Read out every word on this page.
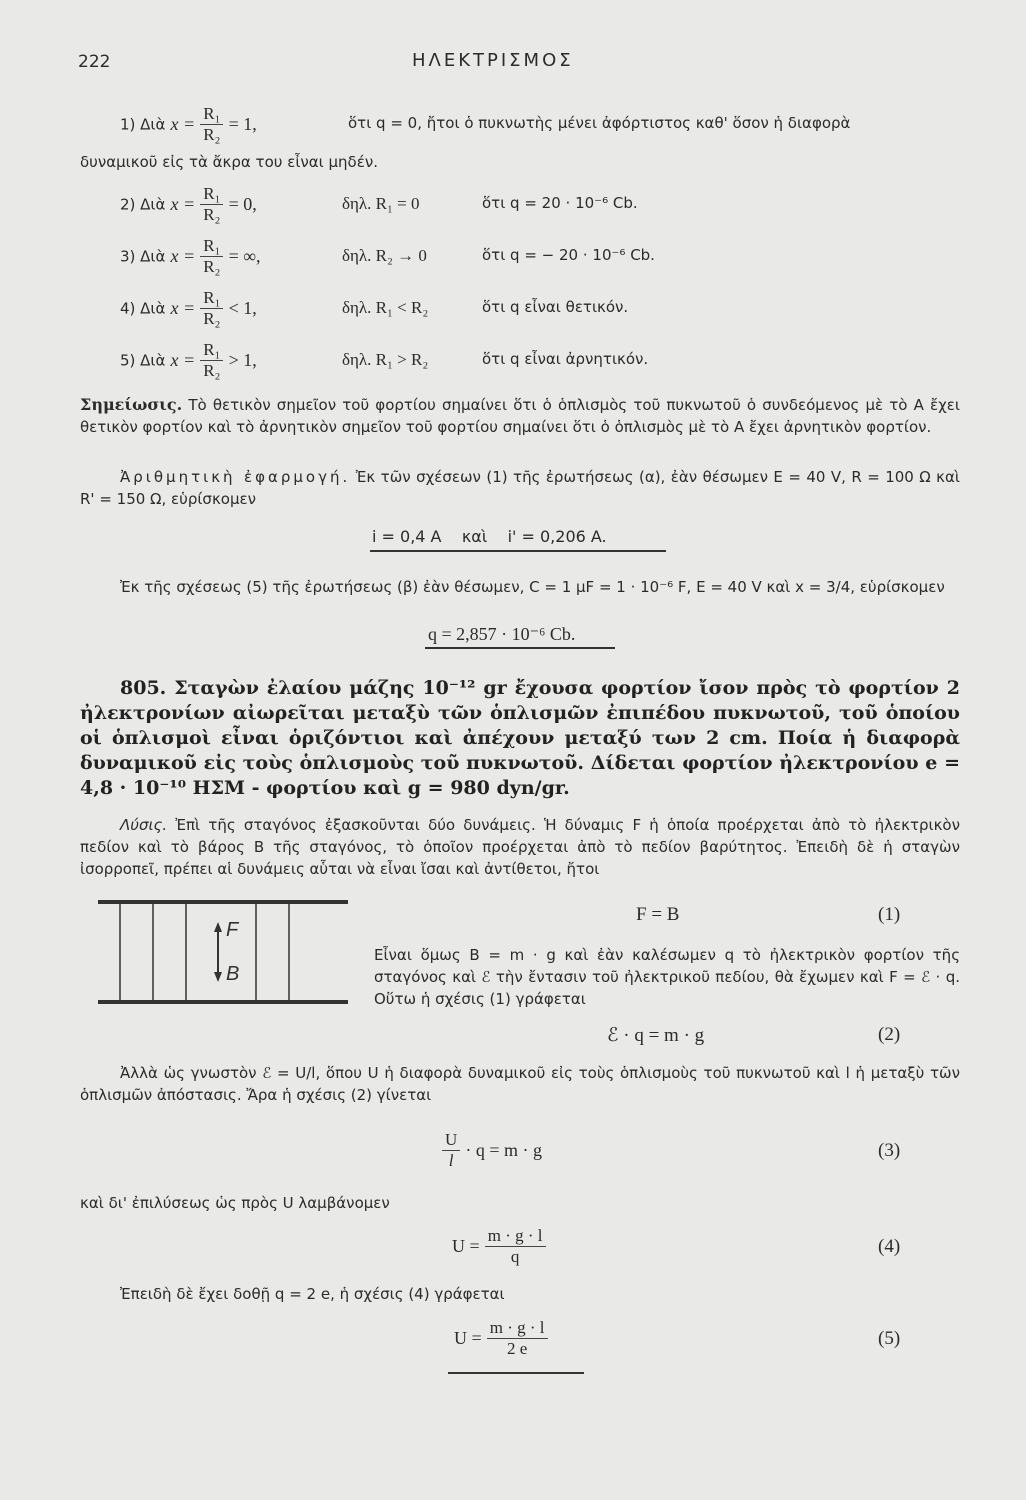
222	ΗΛΕΚΤΡΙΣΜΟΣ
1) Διὰ $x = \frac{\text{R₁}}{\text{R₂}} = 1$,	ὅτι q = 0, ἤτοι ὁ πυκνωτὴς μένει ἀφόρτιστος καθ' ὅσον ἡ διαφορὰ
2) Διὰ $x = \frac{\text{R₁}}{\text{R₂}} = 0$,	δηλ. R₁ = 0	ὅτι q = 20 · 10⁻⁶ Cb.
3) Διὰ $x = \frac{\text{R₁}}{\text{R₂}}$ = ∞,	δηλ. R₂ → 0	ὅτι q = − 20 · 10⁻⁶ Cb.
4) Διὰ $x = \frac{\text{R₁}}{\text{R₂}} < 1$,	δηλ. R₁ < R₂	ὅτι q εἶναι θετικόν.
5) Διὰ $x = \frac{\text{R₁}}{\text{R₂}} > 1$,	δηλ. R₁ > R₂	ὅτι q εἶναι ἀρνητικόν.
δυναμικοῦ εἰς τὰ ἄκρα του εἶναι μηδέν.
Σημείωσις. Τὸ θετικὸν σημεῖον τοῦ φορτίου σημαίνει ὅτι ὁ ὁπλισμὸς τοῦ πυκνωτοῦ ὁ συνδεόμενος μὲ τὸ Α ἔχει θετικὸν φορτίον καὶ τὸ ἀρνητικὸν σημεῖον τοῦ φορτίου σημαίνει ὅτι ὁ ὁπλισμὸς μὲ τὸ Α ἔχει ἀρνητικὸν φορτίον.
Ἀριθμητικὴ ἐφαρμογή. Ἐκ τῶν σχέσεων (1) τῆς ἐρωτήσεως (α), ἐὰν θέσωμεν E = 40 V, R = 100 Ω καὶ R' = 150 Ω, εὑρίσκομεν
i = 0,4 A    καὶ    i' = 0,206 A.
Ἐκ τῆς σχέσεως (5) τῆς ἐρωτήσεως (β) ἐὰν θέσωμεν, C = 1 μF = 1 · 10⁻⁶ F, E = 40 V καὶ x = 3/4, εὑρίσκομεν
q = 2,857 · 10⁻⁶ Cb.
805. Σταγὼν ἐλαίου μάζης 10⁻¹² gr ἔχουσα φορτίον ἴσον πρὸς τὸ φορτίον 2 ἠλεκτρονίων αἰωρεῖται μεταξὺ τῶν ὁπλισμῶν ἐπιπέδου πυκνωτοῦ, τοῦ ὁποίου οἱ ὁπλισμοὶ εἶναι ὁριζόντιοι καὶ ἀπέχουν μεταξύ των 2 cm. Ποία ἡ διαφορὰ δυναμικοῦ εἰς τοὺς ὁπλισμοὺς τοῦ πυκνωτοῦ. Δίδεται φορτίον ἠλεκτρονίου e = 4,8 · 10⁻¹⁰ ΗΣΜ - φορτίου καὶ g = 980 dyn/gr.
Λύσις. Ἐπὶ τῆς σταγόνος ἐξασκοῦνται δύο δυνάμεις. Ἡ δύναμις F ἡ ὁποία προέρχεται ἀπὸ τὸ ἠλεκτρικὸν πεδίον καὶ τὸ βάρος B τῆς σταγόνος, τὸ ὁποῖον προέρχεται ἀπὸ τὸ πεδίον βαρύτητος. Ἐπειδὴ δὲ ἡ σταγὼν ἰσορροπεῖ, πρέπει αἱ δυνάμεις αὗται νὰ εἶναι ἴσαι καὶ ἀντίθετοι, ἤτοι
F
B
F = B	(1)
Εἶναι ὅμως B = m · g καὶ ἐὰν καλέσωμεν q τὸ ἠλεκτρικὸν φορτίον τῆς σταγόνος καὶ ℰ τὴν ἔντασιν τοῦ ἠλεκτρικοῦ πεδίου, θὰ ἔχωμεν καὶ F = ℰ · q. Οὕτω ἡ σχέσις (1) γράφεται
ℰ · q = m · g	(2)
Ἀλλὰ ὡς γνωστὸν ℰ = U/l, ὅπου U ἡ διαφορὰ δυναμικοῦ εἰς τοὺς ὁπλισμοὺς τοῦ πυκνωτοῦ καὶ l ἡ μεταξὺ τῶν ὁπλισμῶν ἀπόστασις. Ἄρα ἡ σχέσις (2) γίνεται
$\frac{U}{l} \cdot q = m \cdot g$	(3)
καὶ δι' ἐπιλύσεως ὡς πρὸς U λαμβάνομεν
$U = \frac{m \cdot g \cdot l}{q}$	(4)
Ἐπειδὴ δὲ ἔχει δοθῇ q = 2 e, ἡ σχέσις (4) γράφεται
$U = \frac{m \cdot g \cdot l}{2 e}$	(5)
